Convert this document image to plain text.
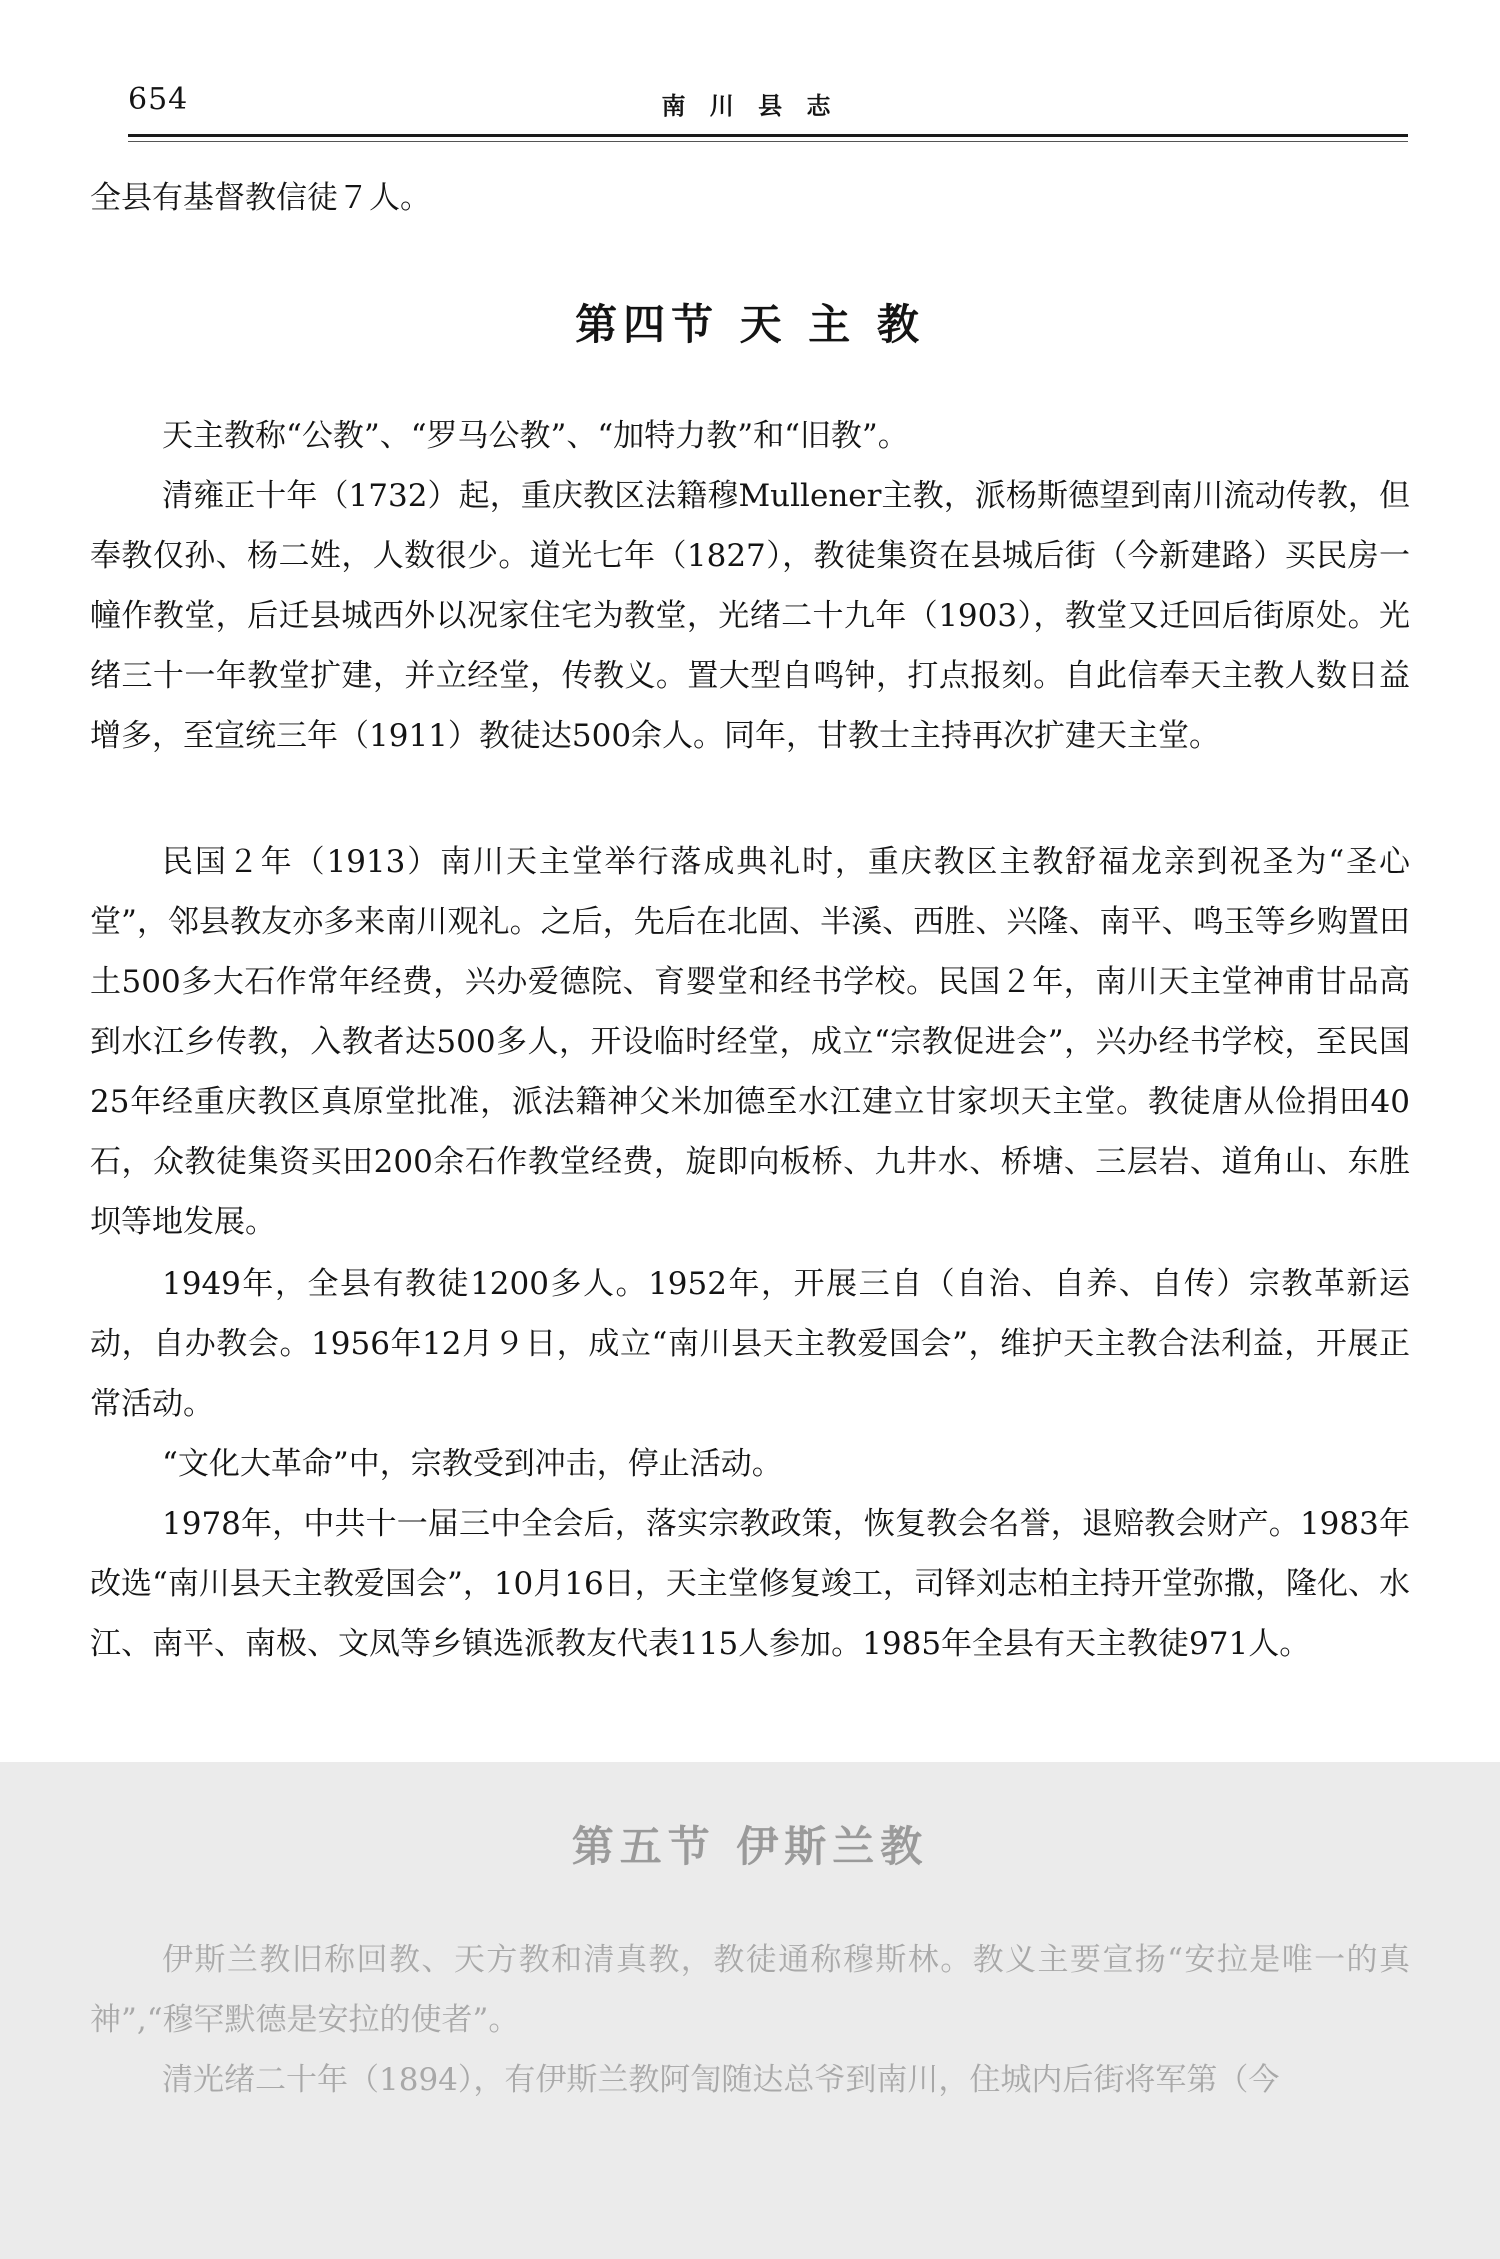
654	南 川 县 志

全县有基督教信徒７人。

第四节 天 主 教

天主教称“公教”、“罗马公教”、“加特力教”和“旧教”。

清雍正十年（1732）起，重庆教区法籍穆Mullener主教，派杨斯德望到南川流动传教，但奉教仅孙、杨二姓，人数很少。道光七年（1827），教徒集资在县城后街（今新建路）买民房一幢作教堂，后迁县城西外以况家住宅为教堂，光绪二十九年（1903），教堂又迁回后街原处。光绪三十一年教堂扩建，并立经堂，传教义。置大型自鸣钟，打点报刻。自此信奉天主教人数日益增多，至宣统三年（1911）教徒达500余人。同年，甘教士主持再次扩建天主堂。

民国２年（1913）南川天主堂举行落成典礼时，重庆教区主教舒福龙亲到祝圣为“圣心堂”，邻县教友亦多来南川观礼。之后，先后在北固、半溪、西胜、兴隆、南平、鸣玉等乡购置田土500多大石作常年经费，兴办爱德院、育婴堂和经书学校。民国２年，南川天主堂神甫甘品高到水江乡传教，入教者达500多人，开设临时经堂，成立“宗教促进会”，兴办经书学校，至民国25年经重庆教区真原堂批准，派法籍神父米加德至水江建立甘家坝天主堂。教徒唐从俭捐田40石，众教徒集资买田200余石作教堂经费，旋即向板桥、九井水、桥塘、三层岩、道角山、东胜坝等地发展。

1949年，全县有教徒1200多人。1952年，开展三自（自治、自养、自传）宗教革新运动，自办教会。1956年12月９日，成立“南川县天主教爱国会”，维护天主教合法利益，开展正常活动。

“文化大革命”中，宗教受到冲击，停止活动。

1978年，中共十一届三中全会后，落实宗教政策，恢复教会名誉，退赔教会财产。1983年改选“南川县天主教爱国会”，10月16日，天主堂修复竣工，司铎刘志柏主持开堂弥撒，隆化、水江、南平、南极、文凤等乡镇选派教友代表115人参加。1985年全县有天主教徒971人。

第五节 伊斯兰教

伊斯兰教旧称回教、天方教和清真教，教徒通称穆斯林。教义主要宣扬“安拉是唯一的真神”,“穆罕默德是安拉的使者”。

清光绪二十年（1894），有伊斯兰教阿訇随达总爷到南川，住城内后街将军第（今
